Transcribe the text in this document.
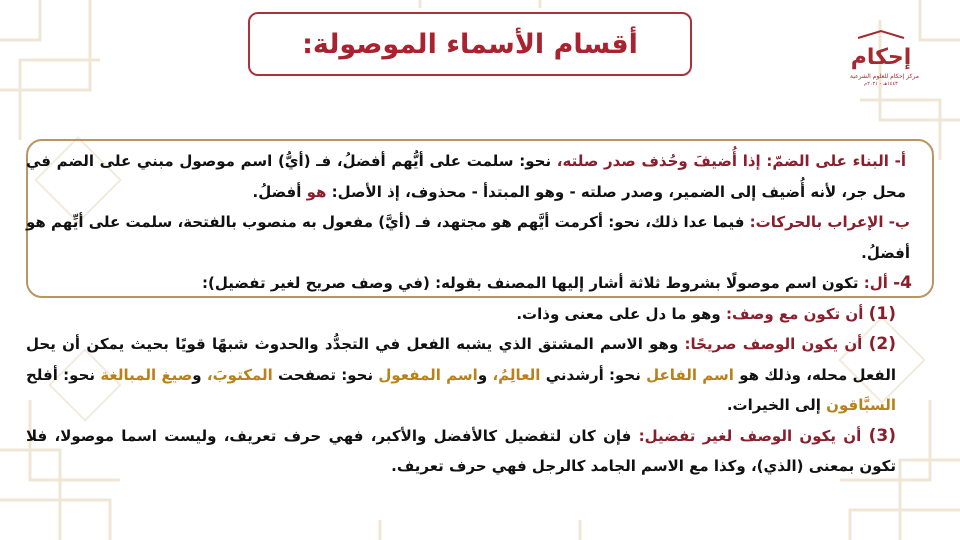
أقسام الأسماء الموصولة:	إحكام
مركز إحكام للعلوم الشرعية
١٤٤٣هـ - ٢٠٢١م

أ- البناء على الضمّ: إذا أُضيفَ وحُذف صدر صلته، نحو: سلمت على أيُّهم أفضلُ، فـ (أيُّ) اسم موصول مبني على الضم في محل جر، لأنه أُضيف إلى الضمير، وصدر صلته - وهو المبتدأ - محذوف، إذ الأصل: هو أفضلُ.

ب- الإعراب بالحركات: فيما عدا ذلك، نحو: أكرمت أيَّهم هو مجتهد، فـ (أيَّ) مفعول به منصوب بالفتحة، سلمت على أيِّهم هو أفضلُ.

4- أل: تكون اسم موصولًا بشروط ثلاثة أشار إليها المصنف بقوله: (في وصف صريح لغير تفضيل):

(1) أن تكون مع وصف: وهو ما دل على معنى وذات.

(2) أن يكون الوصف صريحًا: وهو الاسم المشتق الذي يشبه الفعل في التجدُّد والحدوث شبهًا قويًا بحيث يمكن أن يحل الفعل محله، وذلك هو اسم الفاعل نحو: أرشدني العالِمُ، واسم المفعول نحو: تصفحت المكتوبَ، وصيغ المبالغة نحو: أفلح السبَّاقون إلى الخيرات.

(3) أن يكون الوصف لغير تفضيل: فإن كان لتفضيل كالأفضل والأكبر، فهي حرف تعريف، وليست اسما موصولا، فلا تكون بمعنى (الذي)، وكذا مع الاسم الجامد كالرجل فهي حرف تعريف.
